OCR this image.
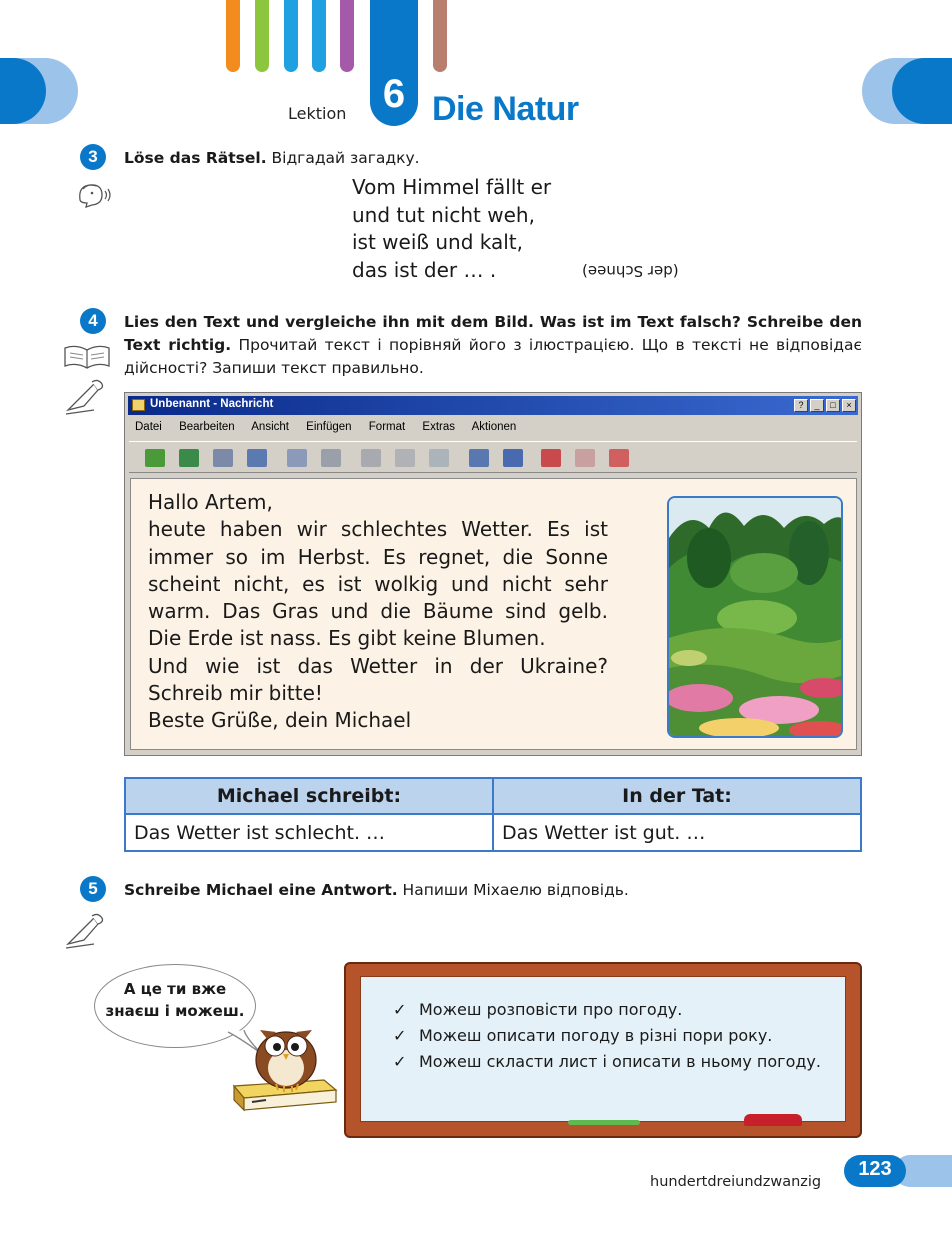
6
Lektion	Die Natur
3	Löse das Rätsel. Відгадай загадку.
Vom Himmel fällt er
und tut nicht weh,
ist weiß und kalt,
das ist der … .	(der Schnee)
4	Lies den Text und vergleiche ihn mit dem Bild. Was ist im Text falsch? Schreibe den Text richtig. Прочитай текст і порівняй його з ілюстрацією. Що в тексті не відповідає дійсності? Запиши текст правильно.
Unbenannt - Nachricht	?	_	□	×
Datei Bearbeiten Ansicht Einfügen Format Extras Aktionen
Hallo Artem,
heute haben wir schlechtes Wetter. Es ist
immer so im Herbst. Es regnet, die Sonne
scheint nicht, es ist wolkig und nicht sehr
warm. Das Gras und die Bäume sind gelb.
Die Erde ist nass. Es gibt keine Blumen.
Und wie ist das Wetter in der Ukraine?
Schreib mir bitte!
Beste Grüße, dein Michael
Michael schreibt:	In der Tat:
Das Wetter ist schlecht. …	Das Wetter ist gut. …
5	Schreibe Michael eine Antwort. Напиши Міхаелю відповідь.
А це ти вже
знаєш і можеш.	✓ Можеш розповісти про погоду.
✓ Можеш описати погоду в різні пори року.
✓ Можеш скласти лист і описати в ньому погоду.
hundertdreiundzwanzig
123
